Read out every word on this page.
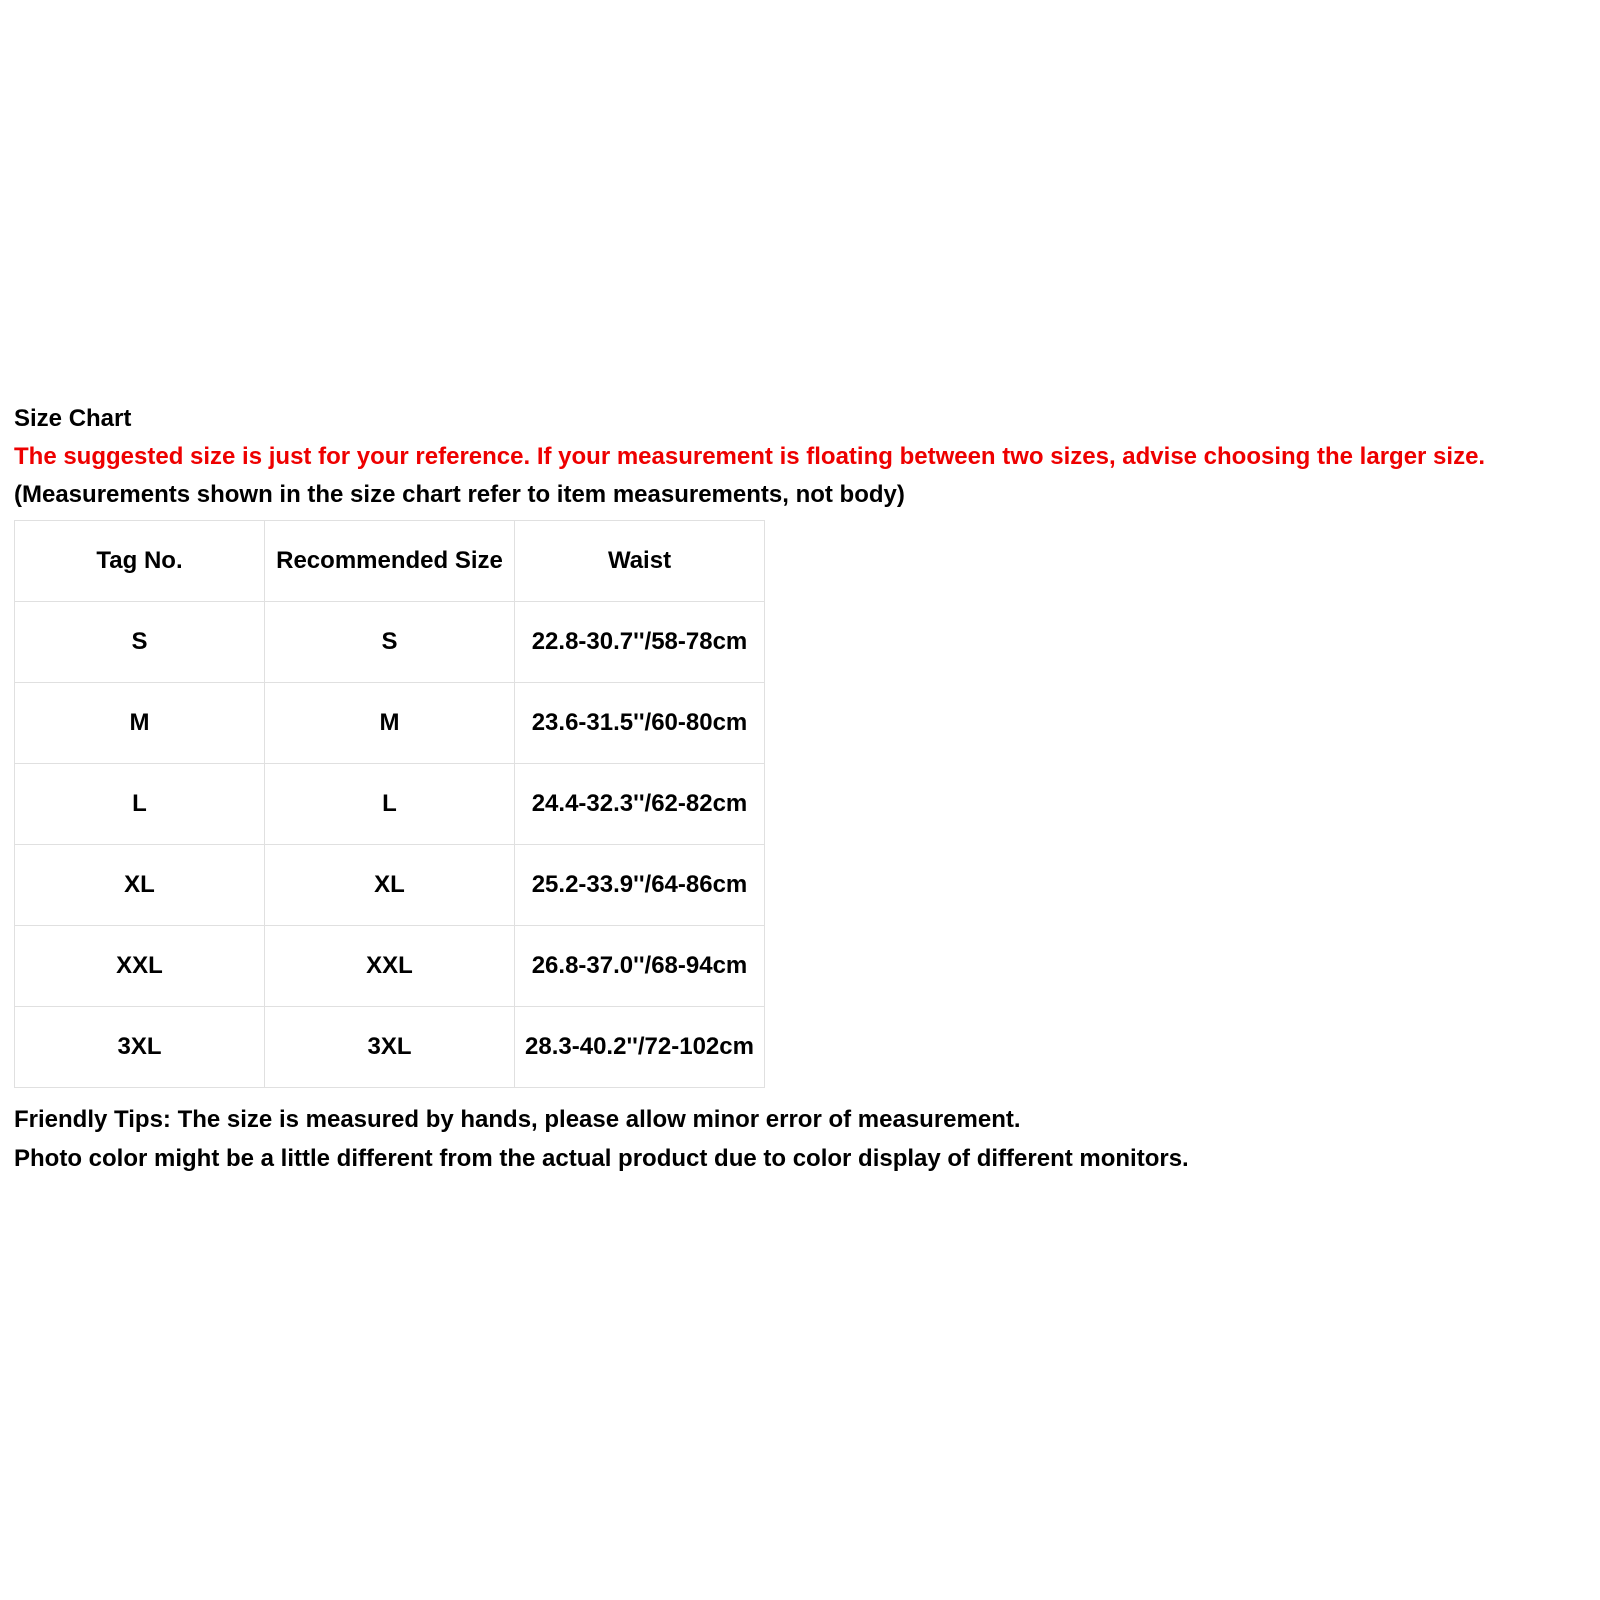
Size Chart
The suggested size is just for your reference. If your measurement is floating between two sizes, advise choosing the larger size.
(Measurements shown in the size chart refer to item measurements, not body)
Tag No.	Recommended Size	Waist
S	S	22.8-30.7''/58-78cm
M	M	23.6-31.5''/60-80cm
L	L	24.4-32.3''/62-82cm
XL	XL	25.2-33.9''/64-86cm
XXL	XXL	26.8-37.0''/68-94cm
3XL	3XL	28.3-40.2''/72-102cm
Friendly Tips: The size is measured by hands, please allow minor error of measurement.
Photo color might be a little different from the actual product due to color display of different monitors.
